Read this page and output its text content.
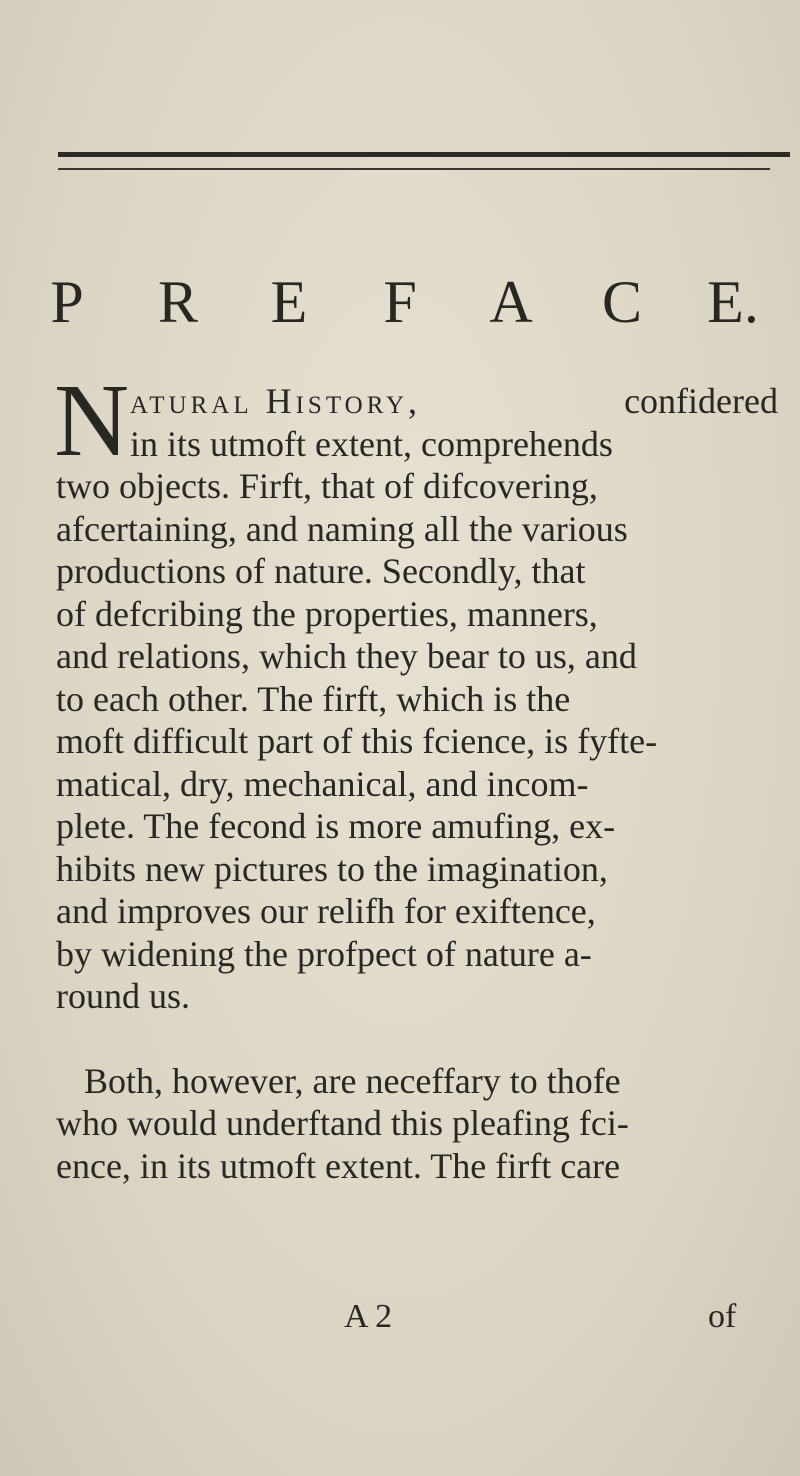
P	R	E	F	A C E.
N atural History,	confidered
in its utmoft extent, comprehends
two objects. Firft, that of difcovering,
afcertaining, and naming all the various
productions of nature. Secondly, that
of defcribing the properties, manners,
and relations, which they bear to us, and
to each other. The firft, which is the
moft difficult part of this fcience, is fyfte-
matical, dry, mechanical, and incom-
plete. The fecond is more amufing, ex-
hibits new pictures to the imagination,
and improves our relifh for exiftence,
by widening the profpect of nature a-
round us.
Both, however, are neceffary to thofe
who would underftand this pleafing fci-
ence, in its utmoft extent. The firft care
A 2	of
